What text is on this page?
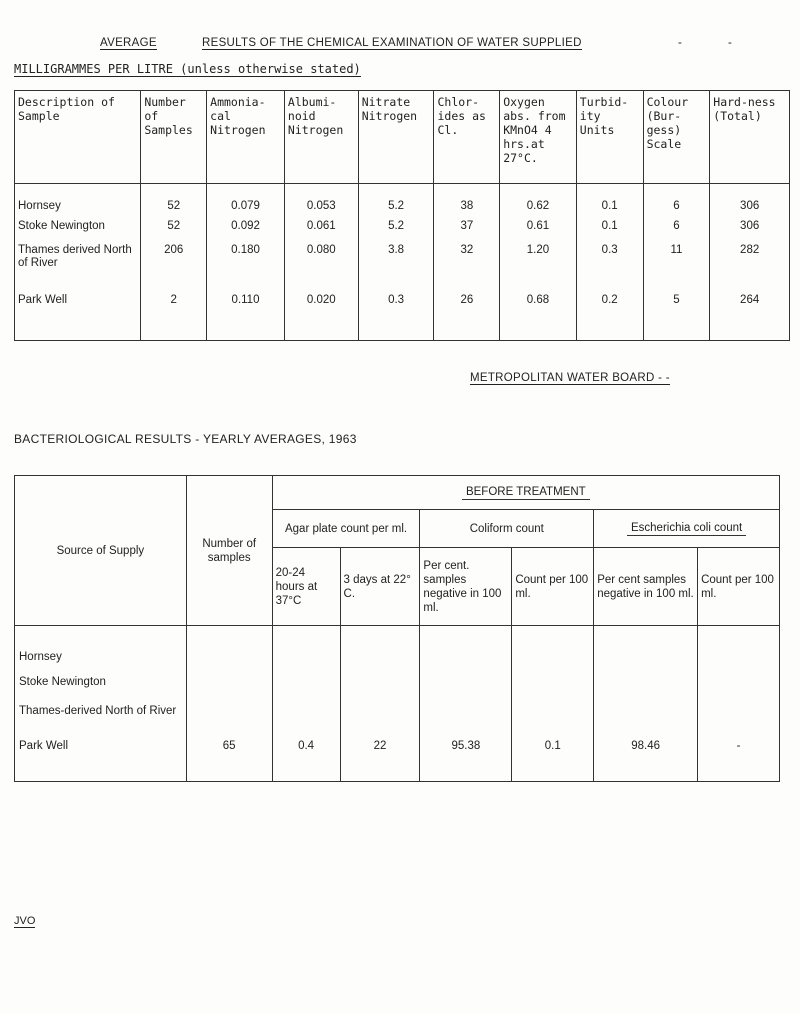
AVERAGE	RESULTS OF THE CHEMICAL EXAMINATION OF WATER SUPPLIED	-	-
MILLIGRAMMES PER LITRE (unless otherwise stated)
Description of Sample	Number of Samples	Ammonia-cal Nitrogen	Albumi-noid Nitrogen	Nitrate Nitrogen	Chlor-ides as Cl.	Oxygen abs. from KMnO4 4 hrs.at 27°C.	Turbid-ity Units	Colour (Bur-gess) Scale	Hard-ness (Total)
Hornsey	52	0.079	0.053	5.2	38	0.62	0.1	6	306
Stoke Newington	52	0.092	0.061	5.2	37	0.61	0.1	6	306
Thames derived North of River	206	0.180	0.080	3.8	32	1.20	0.3	11	282
Park Well	2	0.110	0.020	0.3	26	0.68	0.2	5	264
METROPOLITAN WATER BOARD - -
BACTERIOLOGICAL RESULTS - YEARLY AVERAGES, 1963
Source of Supply	Number of samples	BEFORE TREATMENT					
		Agar plate count per ml.		Coliform count		Escherichia coli count	
		20-24 hours at 37°C	3 days at 22° C.	Per cent. samples negative in 100 ml.	Count per 100 ml.	Per cent samples negative in 100 ml.	Count per 100 ml.
Hornsey							
Stoke Newington							
Thames-derived North of River							
Park Well	65	0.4	22	95.38	0.1	98.46	-
JVO
